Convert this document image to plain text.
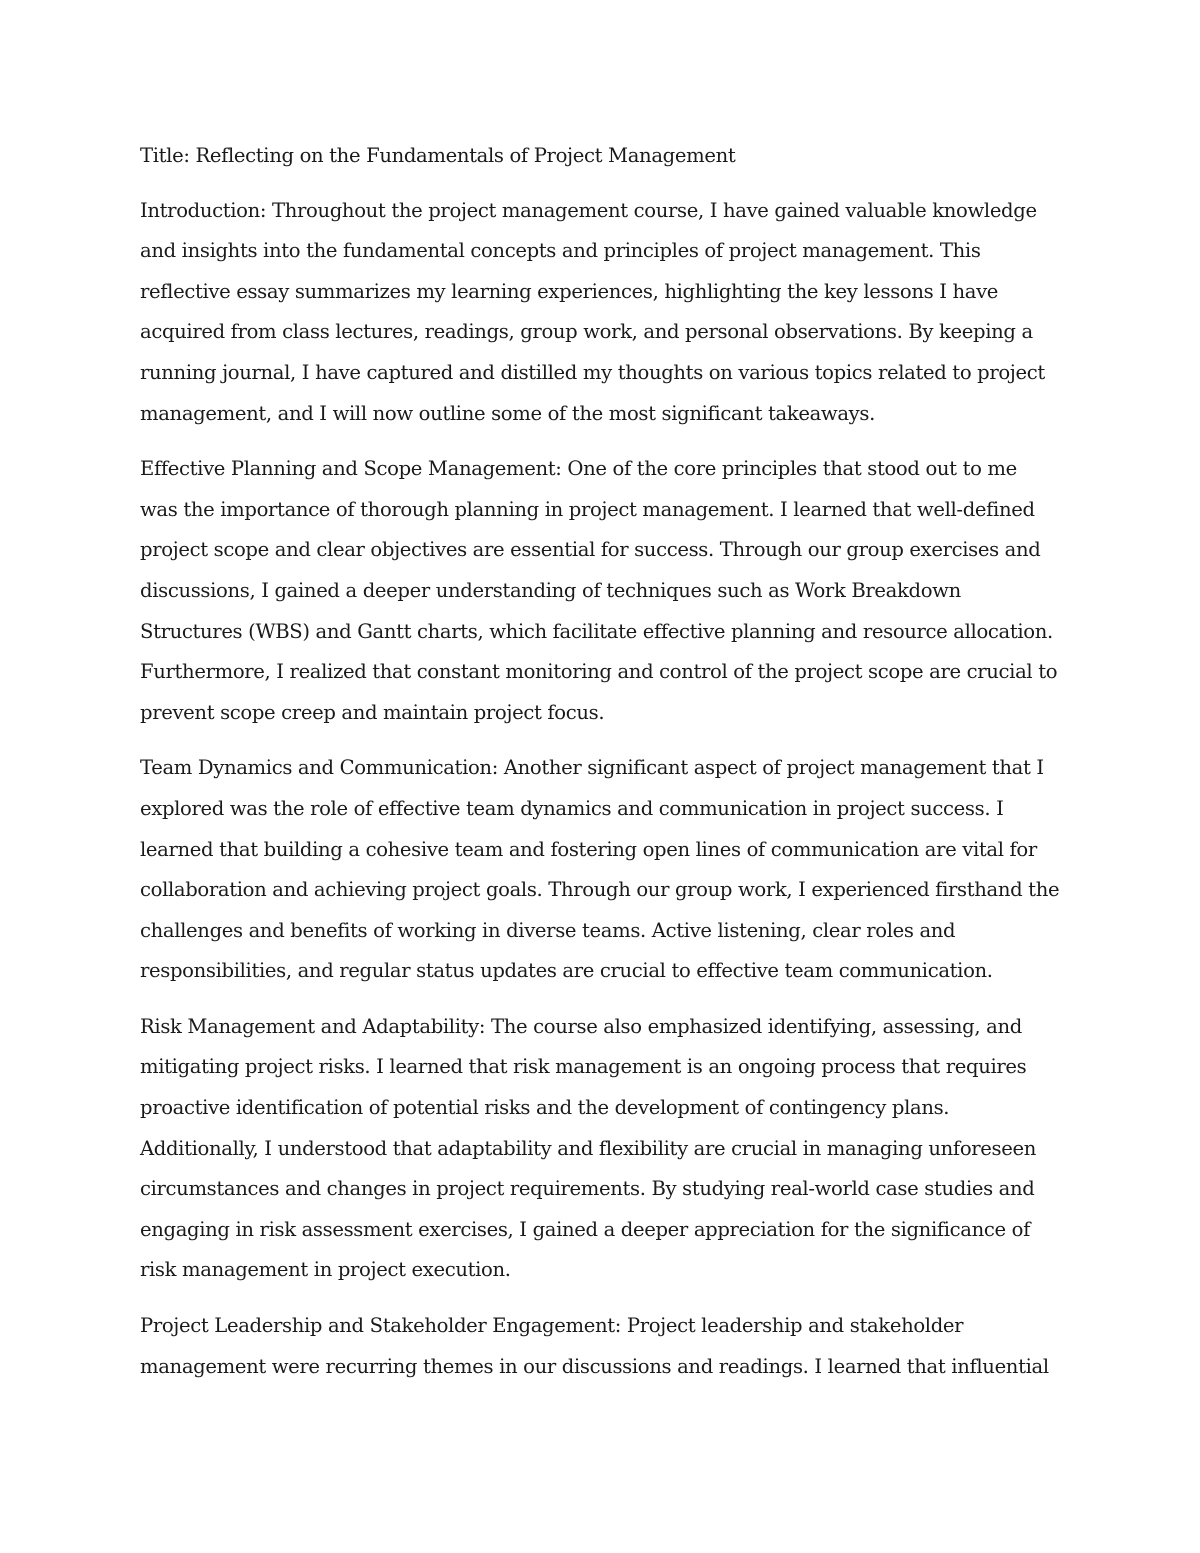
Title: Reflecting on the Fundamentals of Project Management

Introduction: Throughout the project management course, I have gained valuable knowledge and insights into the fundamental concepts and principles of project management. This reflective essay summarizes my learning experiences, highlighting the key lessons I have acquired from class lectures, readings, group work, and personal observations. By keeping a running journal, I have captured and distilled my thoughts on various topics related to project management, and I will now outline some of the most significant takeaways.

Effective Planning and Scope Management: One of the core principles that stood out to me was the importance of thorough planning in project management. I learned that well-defined project scope and clear objectives are essential for success. Through our group exercises and discussions, I gained a deeper understanding of techniques such as Work Breakdown Structures (WBS) and Gantt charts, which facilitate effective planning and resource allocation. Furthermore, I realized that constant monitoring and control of the project scope are crucial to prevent scope creep and maintain project focus.

Team Dynamics and Communication: Another significant aspect of project management that I explored was the role of effective team dynamics and communication in project success. I learned that building a cohesive team and fostering open lines of communication are vital for collaboration and achieving project goals. Through our group work, I experienced firsthand the challenges and benefits of working in diverse teams. Active listening, clear roles and responsibilities, and regular status updates are crucial to effective team communication.

Risk Management and Adaptability: The course also emphasized identifying, assessing, and mitigating project risks. I learned that risk management is an ongoing process that requires proactive identification of potential risks and the development of contingency plans. Additionally, I understood that adaptability and flexibility are crucial in managing unforeseen circumstances and changes in project requirements. By studying real-world case studies and engaging in risk assessment exercises, I gained a deeper appreciation for the significance of risk management in project execution.

Project Leadership and Stakeholder Engagement: Project leadership and stakeholder management were recurring themes in our discussions and readings. I learned that influential
